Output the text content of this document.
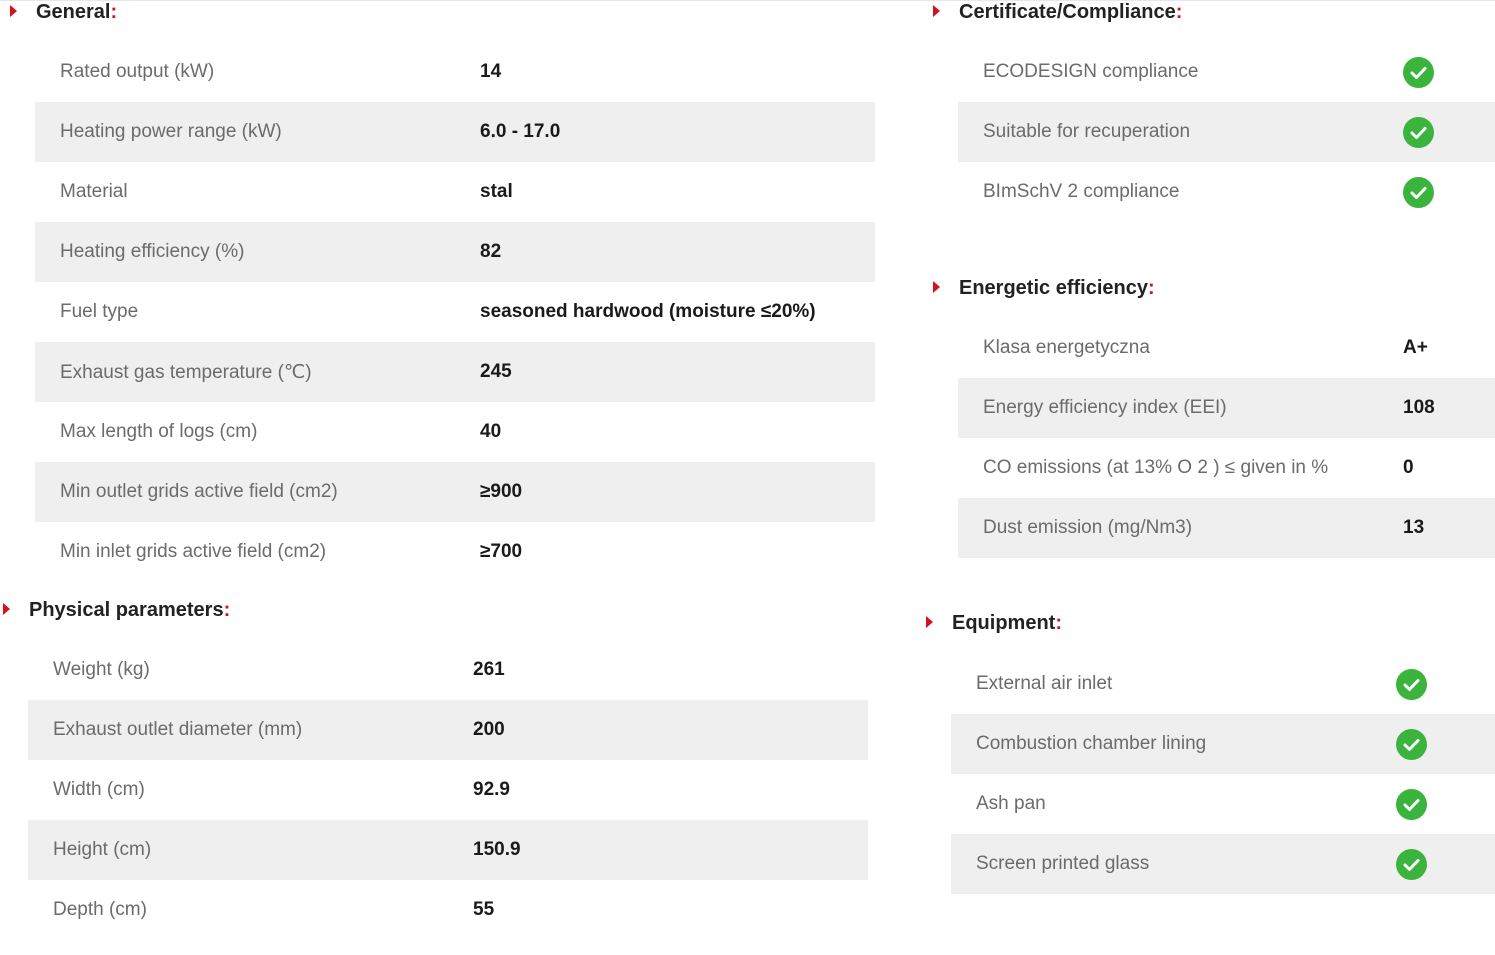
General:
Rated output (kW)	14
Heating power range (kW)	6.0 - 17.0
Material	stal
Heating efficiency (%)	82
Fuel type	seasoned hardwood (moisture ≤20%)
Exhaust gas temperature (℃)	245
Max length of logs (cm)	40
Min outlet grids active field (cm2)	≥900
Min inlet grids active field (cm2)	≥700
Physical parameters:
Weight (kg)	261
Exhaust outlet diameter (mm)	200
Width (cm)	92.9
Height (cm)	150.9
Depth (cm)	55
Certificate/Compliance:
ECODESIGN compliance
Suitable for recuperation
BImSchV 2 compliance
Energetic efficiency:
Klasa energetyczna	A+
Energy efficiency index (EEI)	108
CO emissions (at 13% O 2 ) ≤ given in %	0
Dust emission (mg/Nm3)	13
Equipment:
External air inlet
Combustion chamber lining
Ash pan
Screen printed glass
